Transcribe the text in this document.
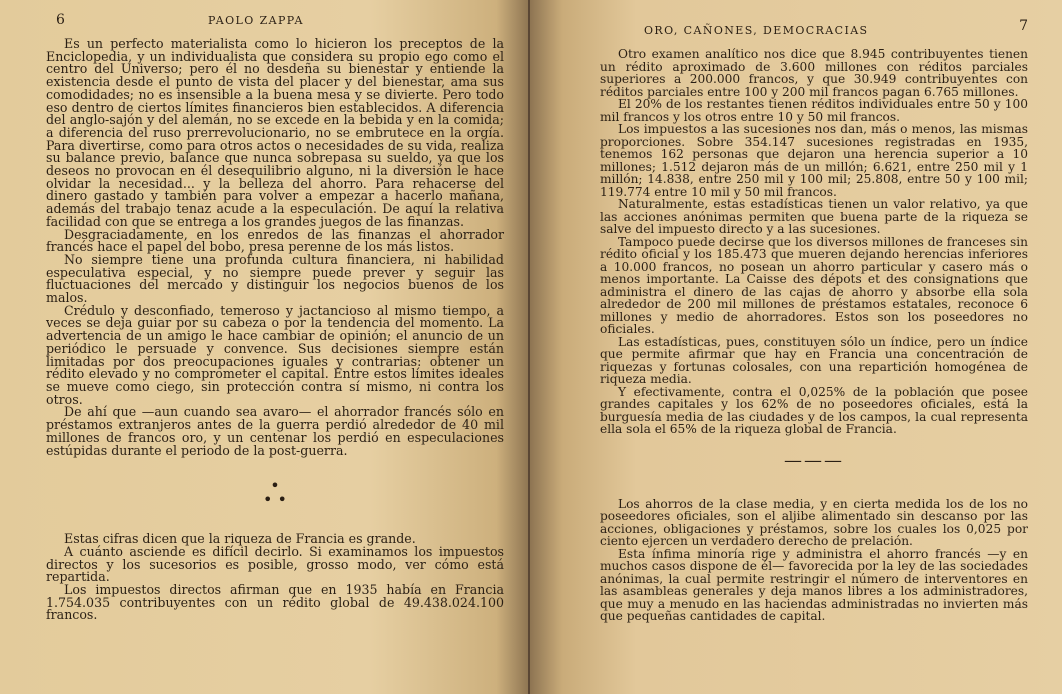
6	PAOLO ZAPPA

Es un perfecto materialista como lo hicieron los preceptos de la Enciclopedia, y un individualista que considera su propio ego como el centro del Universo; pero él no desdeña su bienestar y entiende la existencia desde el punto de vista del placer y del bienestar, ama sus comodidades; no es insensible a la buena mesa y se divierte. Pero todo eso dentro de ciertos límites financieros bien establecidos. A diferencia del anglo-sajón y del alemán, no se excede en la bebida y en la comida; a diferencia del ruso prerrevolucionario, no se embrutece en la orgía. Para divertirse, como para otros actos o necesidades de su vida, realiza su balance previo, balance que nunca sobrepasa su sueldo, ya que los deseos no provocan en él desequilibrio alguno, ni la diversión le hace olvidar la necesidad... y la belleza del ahorro. Para rehacerse del dinero gastado y también para volver a empezar a hacerlo mañana, además del trabajo tenaz acude a la especulación. De aquí la relativa facilidad con que se entrega a los grandes juegos de las finanzas.

Desgraciadamente, en los enredos de las finanzas el ahorrador francés hace el papel del bobo, presa perenne de los más listos.

No siempre tiene una profunda cultura financiera, ni habilidad especulativa especial, y no siempre puede prever y seguir las fluctuaciones del mercado y distinguir los negocios buenos de los malos.

Crédulo y desconfiado, temeroso y jactancioso al mismo tiempo, a veces se deja guiar por su cabeza o por la tendencia del momento. La advertencia de un amigo le hace cambiar de opinión; el anuncio de un periódico le persuade y convence. Sus decisiones siempre están limitadas por dos preocupaciones iguales y contrarias: obtener un rédito elevado y no comprometer el capital. Entre estos límites ideales se mueve como ciego, sin protección contra sí mismo, ni contra los otros.

De ahí que —aun cuando sea avaro— el ahorrador francés sólo en préstamos extranjeros antes de la guerra perdió alrededor de 40 mil millones de francos oro, y un centenar los perdió en especulaciones estúpidas durante el periodo de la post-guerra.

•
• •

Estas cifras dicen que la riqueza de Francia es grande.

A cuánto asciende es difícil decirlo. Si examinamos los impuestos directos y los sucesorios es posible, grosso modo, ver cómo está repartida.

Los impuestos directos afirman que en 1935 había en Francia 1.754.035 contribuyentes con un rédito global de 49.438.024.100 francos.

ORO, CAÑONES, DEMOCRACIAS	7

Otro examen analítico nos dice que 8.945 contribuyentes tienen un rédito aproximado de 3.600 millones con réditos parciales superiores a 200.000 francos, y que 30.949 contribuyentes con réditos parciales entre 100 y 200 mil francos pagan 6.765 millones.

El 20% de los restantes tienen réditos individuales entre 50 y 100 mil francos y los otros entre 10 y 50 mil francos.

Los impuestos a las sucesiones nos dan, más o menos, las mismas proporciones. Sobre 354.147 sucesiones registradas en 1935, tenemos 162 personas que dejaron una herencia superior a 10 millones; 1.512 dejaron más de un millón; 6.621, entre 250 mil y 1 millón; 14.838, entre 250 mil y 100 mil; 25.808, entre 50 y 100 mil; 119.774 entre 10 mil y 50 mil francos.

Naturalmente, estas estadísticas tienen un valor relativo, ya que las acciones anónimas permiten que buena parte de la riqueza se salve del impuesto directo y a las sucesiones.

Tampoco puede decirse que los diversos millones de franceses sin rédito oficial y los 185.473 que mueren dejando herencias inferiores a 10.000 francos, no posean un ahorro particular y casero más o menos importante. La Caisse des dépots et des consignations que administra el dinero de las cajas de ahorro y absorbe ella sola alrededor de 200 mil millones de préstamos estatales, reconoce 6 millones y medio de ahorradores. Estos son los poseedores no oficiales.

Las estadísticas, pues, constituyen sólo un índice, pero un índice que permite afirmar que hay en Francia una concentración de riquezas y fortunas colosales, con una repartición homogénea de riqueza media.

Y efectivamente, contra el 0,025% de la población que posee grandes capitales y los 62% de no poseedores oficiales, está la burguesía media de las ciudades y de los campos, la cual representa ella sola el 65% de la riqueza global de Francia.

———

Los ahorros de la clase media, y en cierta medida los de los no poseedores oficiales, son el aljibe alimentado sin descanso por las acciones, obligaciones y préstamos, sobre los cuales los 0,025 por ciento ejercen un verdadero derecho de prelación.

Esta ínfima minoría rige y administra el ahorro francés —y en muchos casos dispone de él— favorecida por la ley de las sociedades anónimas, la cual permite restringir el número de interventores en las asambleas generales y deja manos libres a los administradores, que muy a menudo en las haciendas administradas no invierten más que pequeñas cantidades de capital.
